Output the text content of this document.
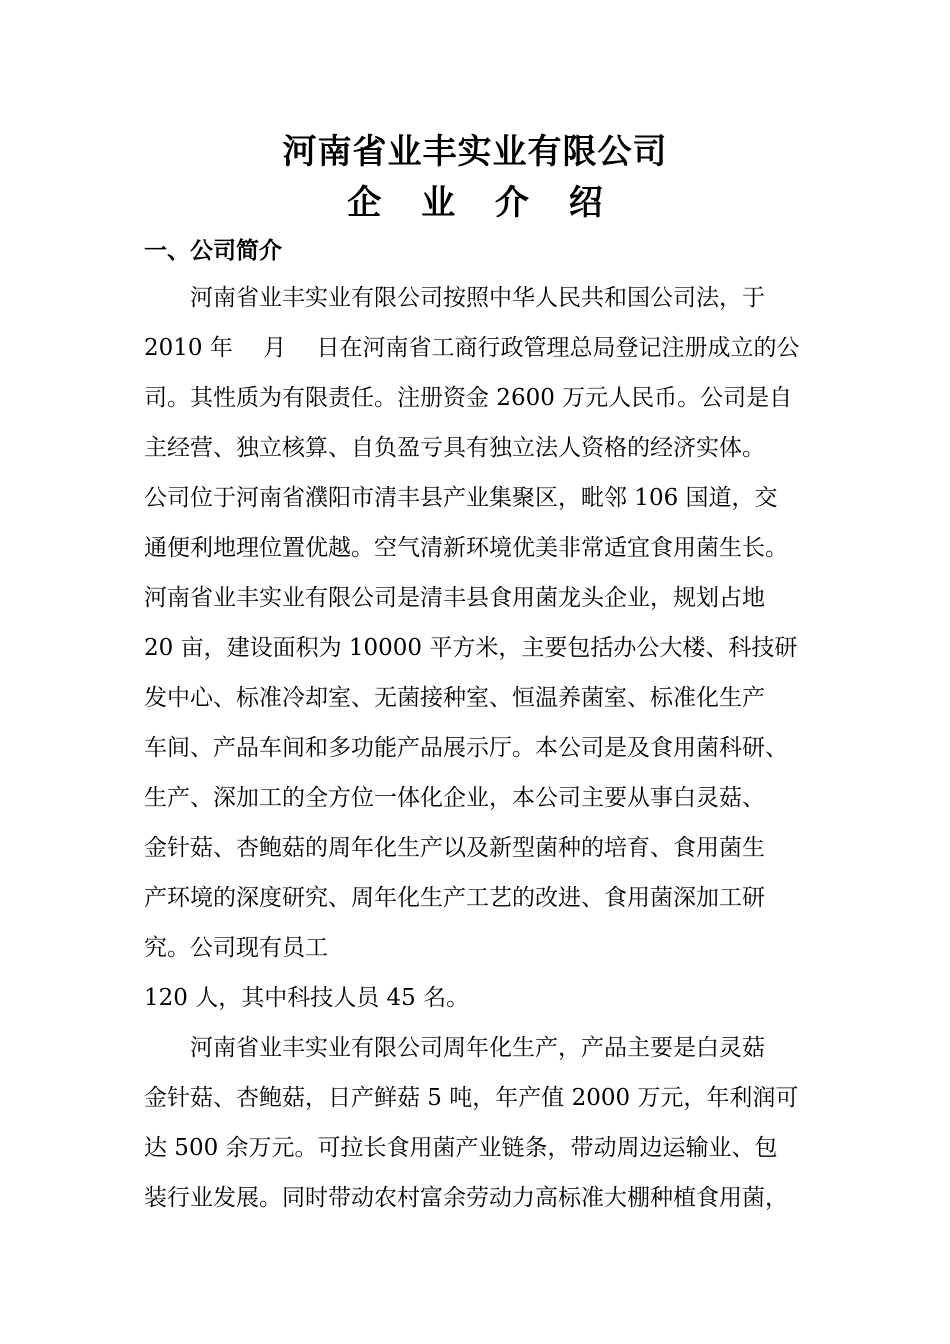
河南省业丰实业有限公司
企 业 介 绍
一、公司简介
　　河南省业丰实业有限公司按照中华人民共和国公司法，于
2010 年　 月　 日在河南省工商行政管理总局登记注册成立的公
司。其性质为有限责任。注册资金 2600 万元人民币。公司是自
主经营、独立核算、自负盈亏具有独立法人资格的经济实体。
公司位于河南省濮阳市清丰县产业集聚区，毗邻 106 国道，交
通便利地理位置优越。空气清新环境优美非常适宜食用菌生长。
河南省业丰实业有限公司是清丰县食用菌龙头企业，规划占地
20 亩，建设面积为 10000 平方米，主要包括办公大楼、科技研
发中心、标准冷却室、无菌接种室、恒温养菌室、标准化生产
车间、产品车间和多功能产品展示厅。本公司是及食用菌科研、
生产、深加工的全方位一体化企业，本公司主要从事白灵菇、
金针菇、杏鲍菇的周年化生产以及新型菌种的培育、食用菌生
产环境的深度研究、周年化生产工艺的改进、食用菌深加工研
究。公司现有员工
120 人，其中科技人员 45 名。
　　河南省业丰实业有限公司周年化生产，产品主要是白灵菇
金针菇、杏鲍菇，日产鲜菇 5 吨，年产值 2000 万元，年利润可
达 500 余万元。可拉长食用菌产业链条，带动周边运输业、包
装行业发展。同时带动农村富余劳动力高标准大棚种植食用菌，
